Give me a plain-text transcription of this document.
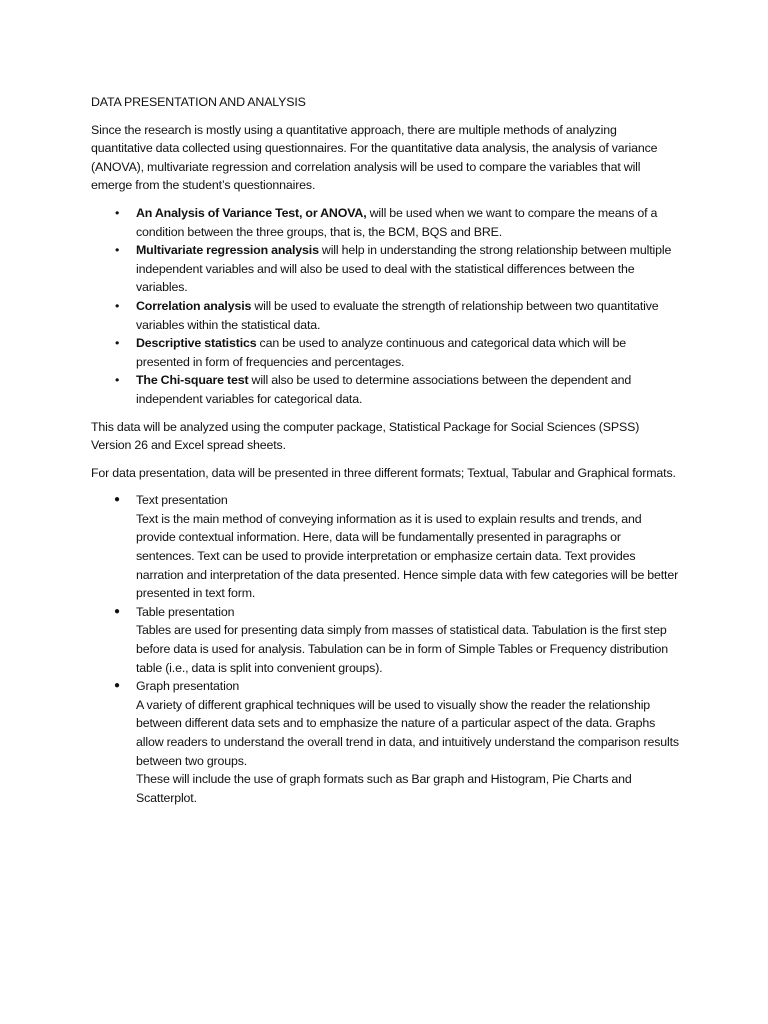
DATA PRESENTATION AND ANALYSIS

Since the research is mostly using a quantitative approach, there are multiple methods of analyzing quantitative data collected using questionnaires. For the quantitative data analysis, the analysis of variance (ANOVA), multivariate regression and correlation analysis will be used to compare the variables that will emerge from the student’s questionnaires.

• An Analysis of Variance Test, or ANOVA, will be used when we want to compare the means of a condition between the three groups, that is, the BCM, BQS and BRE.
• Multivariate regression analysis will help in understanding the strong relationship between multiple independent variables and will also be used to deal with the statistical differences between the variables.
• Correlation analysis will be used to evaluate the strength of relationship between two quantitative variables within the statistical data.
• Descriptive statistics can be used to analyze continuous and categorical data which will be presented in form of frequencies and percentages.
• The Chi-square test will also be used to determine associations between the dependent and independent variables for categorical data.

This data will be analyzed using the computer package, Statistical Package for Social Sciences (SPSS) Version 26 and Excel spread sheets.

For data presentation, data will be presented in three different formats; Textual, Tabular and Graphical formats.

● Text presentation
Text is the main method of conveying information as it is used to explain results and trends, and provide contextual information. Here, data will be fundamentally presented in paragraphs or sentences. Text can be used to provide interpretation or emphasize certain data. Text provides narration and interpretation of the data presented. Hence simple data with few categories will be better presented in text form.
● Table presentation
Tables are used for presenting data simply from masses of statistical data. Tabulation is the first step before data is used for analysis. Tabulation can be in form of Simple Tables or Frequency distribution table (i.e., data is split into convenient groups).
● Graph presentation
A variety of different graphical techniques will be used to visually show the reader the relationship between different data sets and to emphasize the nature of a particular aspect of the data. Graphs allow readers to understand the overall trend in data, and intuitively understand the comparison results between two groups.
These will include the use of graph formats such as Bar graph and Histogram, Pie Charts and Scatterplot.
